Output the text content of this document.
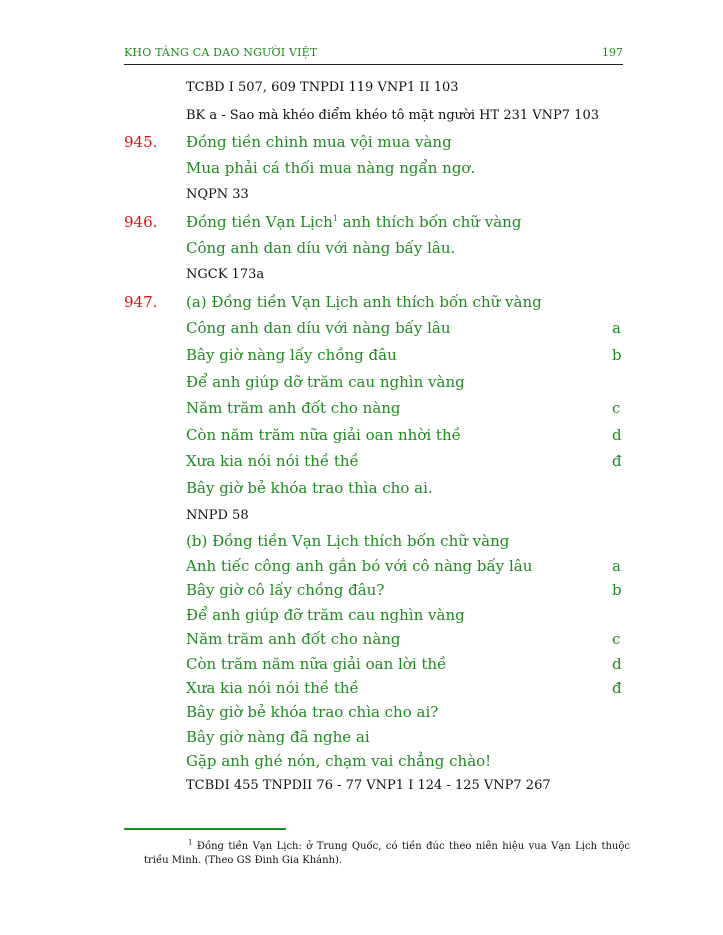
KHO TÀNG CA DAO NGƯỜI VIỆT	197
TCBD I 507, 609 TNPDI 119 VNP1 II 103
BK a - Sao mà khéo điểm khéo tô mặt người HT 231 VNP7 103
945. Đồng tiền chinh mua vội mua vàng
Mua phải cá thối mua nàng ngẩn ngơ.
NQPN 33
946. Đồng tiền Vạn Lịch$^1$ anh thích bốn chữ vàng
Công anh dan díu với nàng bấy lâu.
NGCK 173a
947. (a) Đồng tiền Vạn Lịch anh thích bốn chữ vàng
Công anh dan díu với nàng bấy lâu	a
Bây giờ nàng lấy chồng đâu	b
Để anh giúp dỡ trăm cau nghìn vàng
Năm trăm anh đốt cho nàng	c
Còn năm trăm nữa giải oan nhời thề	d
Xưa kia nói nói thề thề	đ
Bây giờ bẻ khóa trao thìa cho ai.
NNPD 58
(b) Đồng tiền Vạn Lịch thích bốn chữ vàng
Anh tiếc công anh gắn bó với cô nàng bấy lâu	a
Bây giờ cô lấy chồng đâu?	b
Để anh giúp đỡ trăm cau nghìn vàng
Năm trăm anh đốt cho nàng	c
Còn trăm năm nữa giải oan lời thề	d
Xưa kia nói nói thề thề	đ
Bây giờ bẻ khóa trao chìa cho ai?
Bây giờ nàng đã nghe ai
Gặp anh ghé nón, chạm vai chẳng chào!
TCBDI 455 TNPDII 76 - 77 VNP1 I 124 - 125 VNP7 267
$^1$ Đồng tiền Vạn Lịch: ở Trung Quốc, có tiền đúc theo niên hiệu vua Vạn Lịch thuộc triều Minh. (Theo GS Đinh Gia Khánh).
